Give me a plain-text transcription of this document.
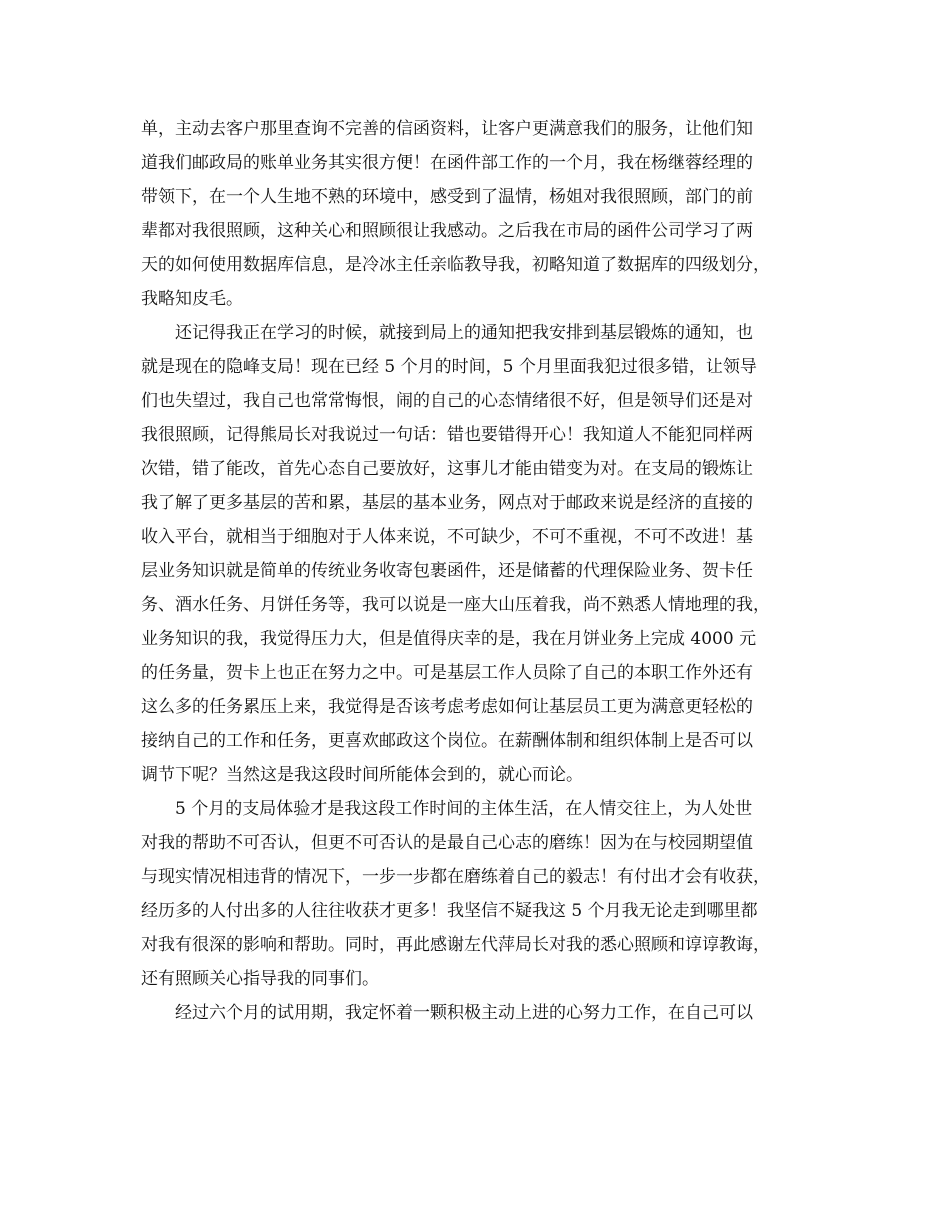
单，主动去客户那里查询不完善的信函资料，让客户更满意我们的服务，让他们知
道我们邮政局的账单业务其实很方便！在函件部工作的一个月，我在杨继蓉经理的
带领下，在一个人生地不熟的环境中，感受到了温情，杨姐对我很照顾，部门的前
辈都对我很照顾，这种关心和照顾很让我感动。之后我在市局的函件公司学习了两
天的如何使用数据库信息，是冷冰主任亲临教导我，初略知道了数据库的四级划分，
我略知皮毛。
还记得我正在学习的时候，就接到局上的通知把我安排到基层锻炼的通知，也
就是现在的隐峰支局！现在已经 5 个月的时间，5 个月里面我犯过很多错，让领导
们也失望过，我自己也常常悔恨，闹的自己的心态情绪很不好，但是领导们还是对
我很照顾，记得熊局长对我说过一句话：错也要错得开心！我知道人不能犯同样两
次错，错了能改，首先心态自己要放好，这事儿才能由错变为对。在支局的锻炼让
我了解了更多基层的苦和累，基层的基本业务，网点对于邮政来说是经济的直接的
收入平台，就相当于细胞对于人体来说，不可缺少，不可不重视，不可不改进！基
层业务知识就是简单的传统业务收寄包裹函件，还是储蓄的代理保险业务、贺卡任
务、酒水任务、月饼任务等，我可以说是一座大山压着我，尚不熟悉人情地理的我，
业务知识的我，我觉得压力大，但是值得庆幸的是，我在月饼业务上完成 4000 元
的任务量，贺卡上也正在努力之中。可是基层工作人员除了自己的本职工作外还有
这么多的任务累压上来，我觉得是否该考虑考虑如何让基层员工更为满意更轻松的
接纳自己的工作和任务，更喜欢邮政这个岗位。在薪酬体制和组织体制上是否可以
调节下呢？当然这是我这段时间所能体会到的，就心而论。
5 个月的支局体验才是我这段工作时间的主体生活，在人情交往上，为人处世
对我的帮助不可否认，但更不可否认的是最自己心志的磨练！因为在与校园期望值
与现实情况相违背的情况下，一步一步都在磨练着自己的毅志！有付出才会有收获，
经历多的人付出多的人往往收获才更多！我坚信不疑我这 5 个月我无论走到哪里都
对我有很深的影响和帮助。同时，再此感谢左代萍局长对我的悉心照顾和谆谆教诲，
还有照顾关心指导我的同事们。
经过六个月的试用期，我定怀着一颗积极主动上进的心努力工作，在自己可以
